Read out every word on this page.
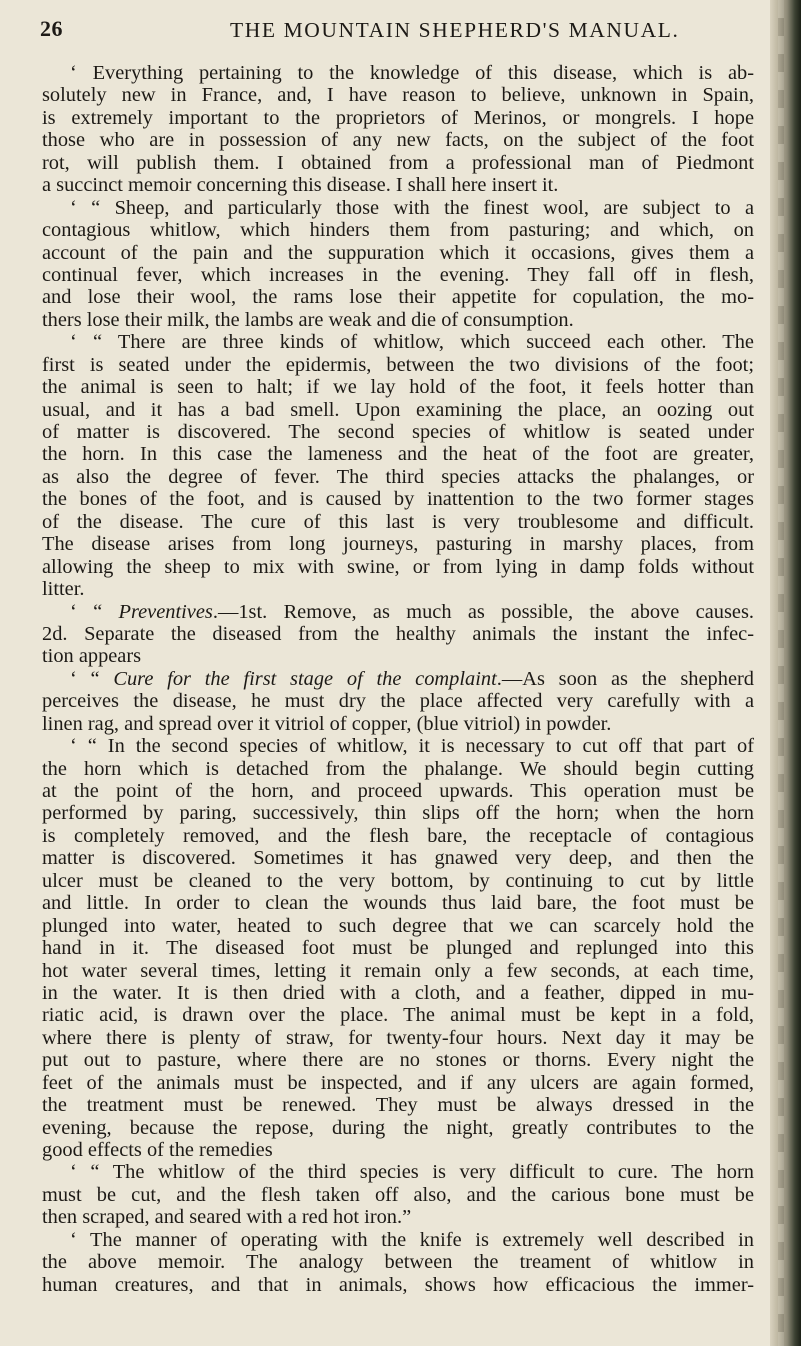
26	THE MOUNTAIN SHEPHERD'S MANUAL.
‘ Everything pertaining to the knowledge of this disease, which is ab-
solutely new in France, and, I have reason to believe, unknown in Spain,
is extremely important to the proprietors of Merinos, or mongrels. I hope
those who are in possession of any new facts, on the subject of the foot
rot, will publish them. I obtained from a professional man of Piedmont
a succinct memoir concerning this disease. I shall here insert it.
‘ “ Sheep, and particularly those with the finest wool, are subject to a
contagious whitlow, which hinders them from pasturing; and which, on
account of the pain and the suppuration which it occasions, gives them a
continual fever, which increases in the evening. They fall off in flesh,
and lose their wool, the rams lose their appetite for copulation, the mo-
thers lose their milk, the lambs are weak and die of consumption.
‘ “ There are three kinds of whitlow, which succeed each other. The
first is seated under the epidermis, between the two divisions of the foot;
the animal is seen to halt; if we lay hold of the foot, it feels hotter than
usual, and it has a bad smell. Upon examining the place, an oozing out
of matter is discovered. The second species of whitlow is seated under
the horn. In this case the lameness and the heat of the foot are greater,
as also the degree of fever. The third species attacks the phalanges, or
the bones of the foot, and is caused by inattention to the two former stages
of the disease. The cure of this last is very troublesome and difficult.
The disease arises from long journeys, pasturing in marshy places, from
allowing the sheep to mix with swine, or from lying in damp folds without
litter.
‘ “ Preventives.—1st. Remove, as much as possible, the above causes.
2d. Separate the diseased from the healthy animals the instant the infec-
tion appears
‘ “ Cure for the first stage of the complaint.—As soon as the shepherd
perceives the disease, he must dry the place affected very carefully with a
linen rag, and spread over it vitriol of copper, (blue vitriol) in powder.
‘ “ In the second species of whitlow, it is necessary to cut off that part of
the horn which is detached from the phalange. We should begin cutting
at the point of the horn, and proceed upwards. This operation must be
performed by paring, successively, thin slips off the horn; when the horn
is completely removed, and the flesh bare, the receptacle of contagious
matter is discovered. Sometimes it has gnawed very deep, and then the
ulcer must be cleaned to the very bottom, by continuing to cut by little
and little. In order to clean the wounds thus laid bare, the foot must be
plunged into water, heated to such degree that we can scarcely hold the
hand in it. The diseased foot must be plunged and replunged into this
hot water several times, letting it remain only a few seconds, at each time,
in the water. It is then dried with a cloth, and a feather, dipped in mu-
riatic acid, is drawn over the place. The animal must be kept in a fold,
where there is plenty of straw, for twenty-four hours. Next day it may be
put out to pasture, where there are no stones or thorns. Every night the
feet of the animals must be inspected, and if any ulcers are again formed,
the treatment must be renewed. They must be always dressed in the
evening, because the repose, during the night, greatly contributes to the
good effects of the remedies
‘ “ The whitlow of the third species is very difficult to cure. The horn
must be cut, and the flesh taken off also, and the carious bone must be
then scraped, and seared with a red hot iron.”
‘ The manner of operating with the knife is extremely well described in
the above memoir. The analogy between the treament of whitlow in
human creatures, and that in animals, shows how efficacious the immer-
